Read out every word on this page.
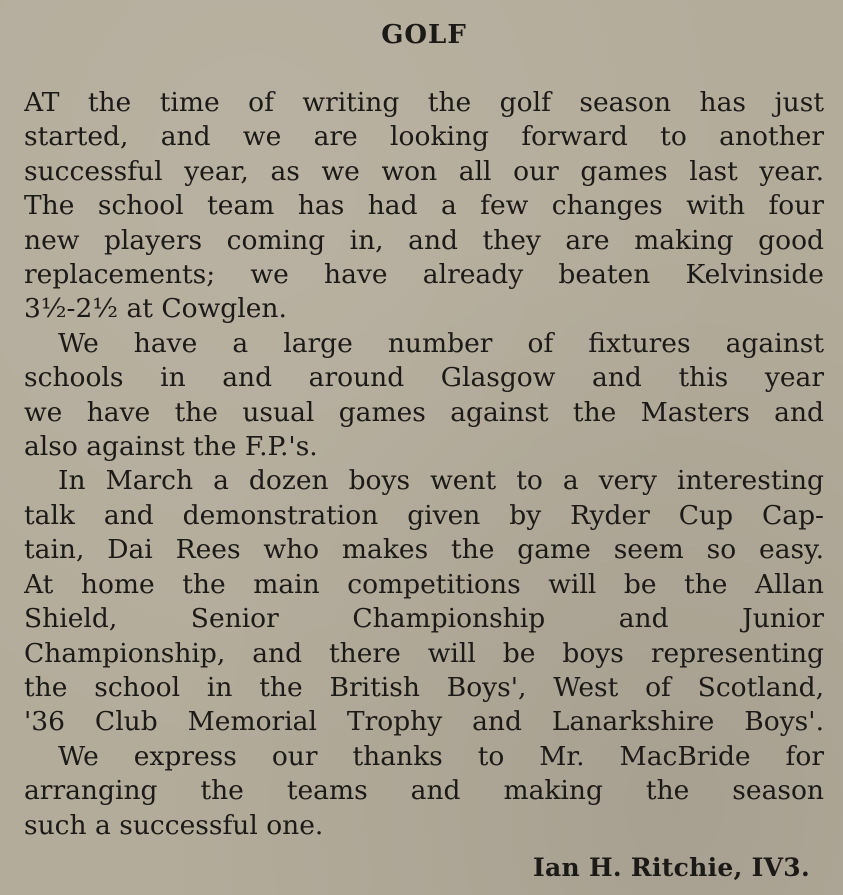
GOLF
AT the time of writing the golf season has just
started, and we are looking forward to another
successful year, as we won all our games last year.
The school team has had a few changes with four
new players coming in, and they are making good
replacements; we have already beaten Kelvinside
3½-2½ at Cowglen.
We have a large number of fixtures against
schools in and around Glasgow and this year
we have the usual games against the Masters and
also against the F.P.'s.
In March a dozen boys went to a very interesting
talk and demonstration given by Ryder Cup Cap-
tain, Dai Rees who makes the game seem so easy.
At home the main competitions will be the Allan
Shield, Senior Championship and Junior
Championship, and there will be boys representing
the school in the British Boys', West of Scotland,
'36 Club Memorial Trophy and Lanarkshire Boys'.
We express our thanks to Mr. MacBride for
arranging the teams and making the season
such a successful one.
Ian H. Ritchie, IV3.
